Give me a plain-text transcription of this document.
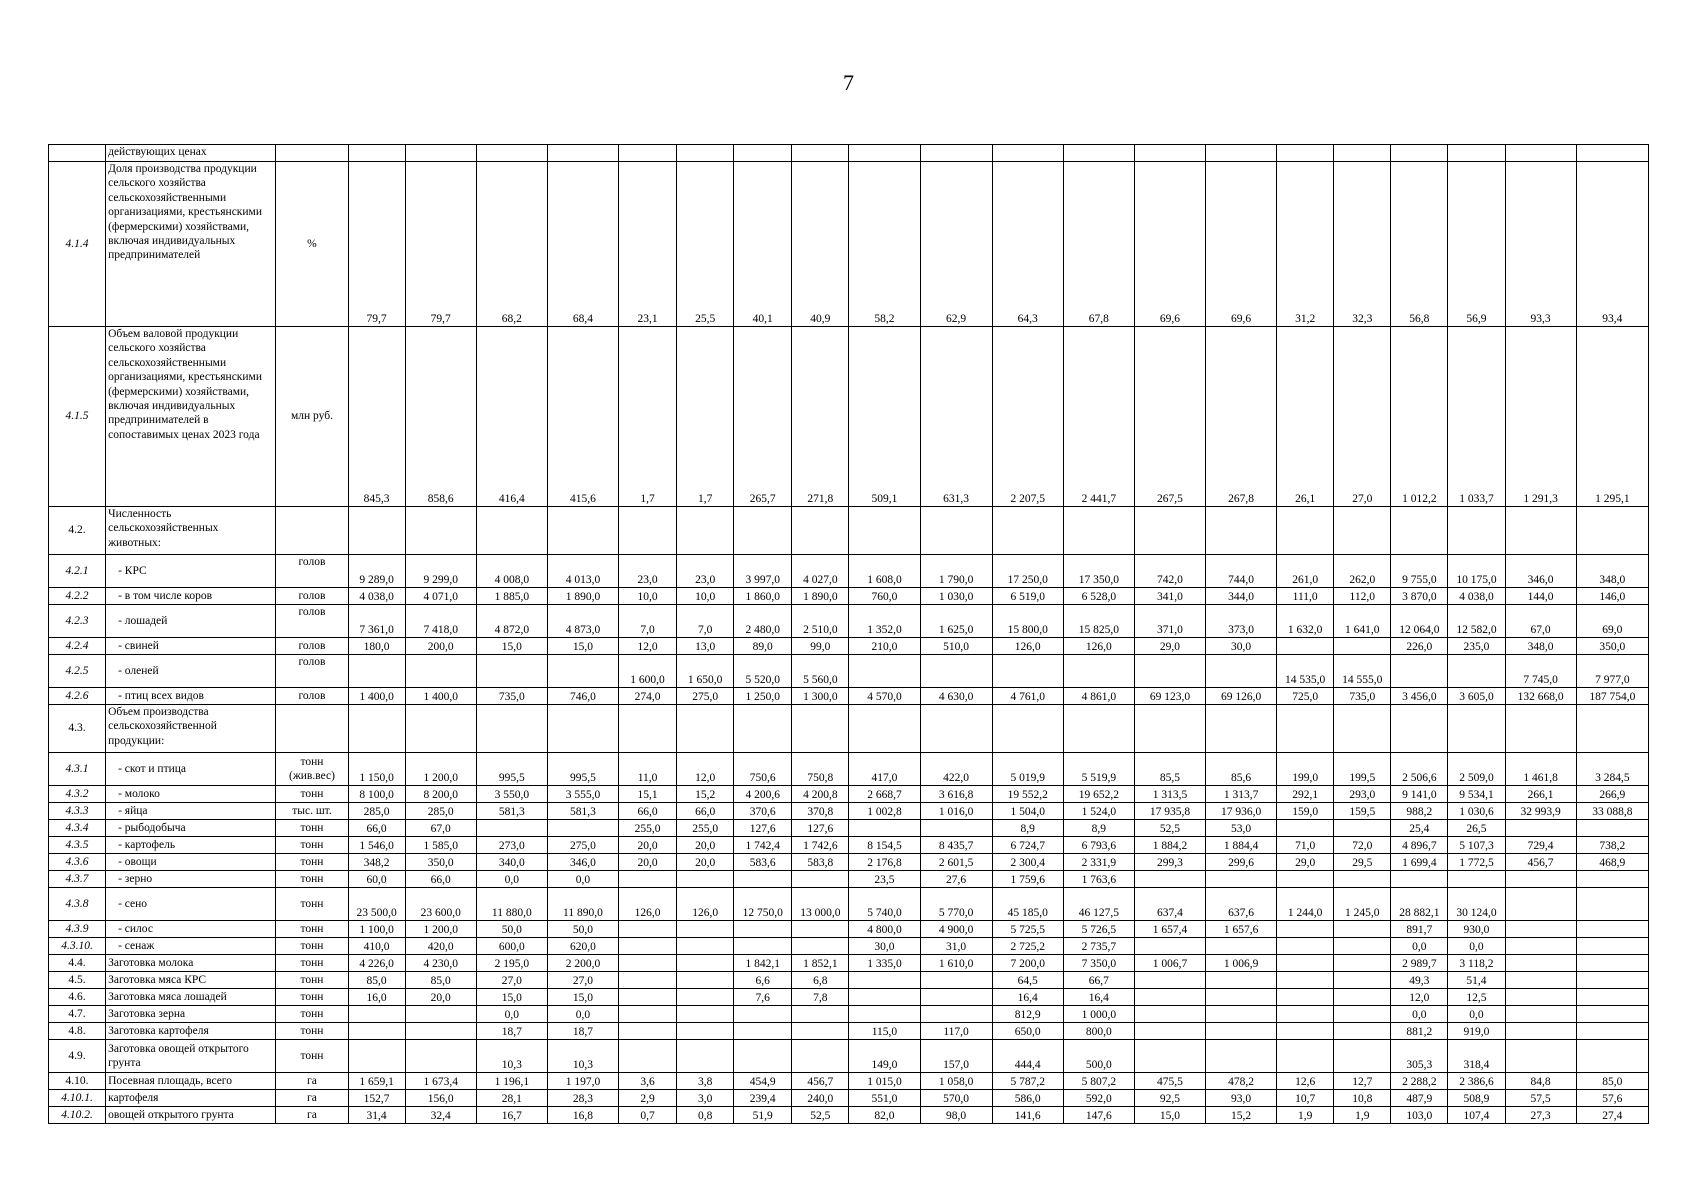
7
	действующих ценах																					
4.1.4	Доля производства продукции сельского хозяйства сельскохозяйственными организациями, крестьянскими (фермерскими) хозяйствами, включая индивидуальных предпринимателей	%	79,7	79,7	68,2	68,4	23,1	25,5	40,1	40,9	58,2	62,9	64,3	67,8	69,6	69,6	31,2	32,3	56,8	56,9	93,3	93,4
4.1.5	Объем валовой продукции сельского хозяйства сельскохозяйственными организациями, крестьянскими (фермерскими) хозяйствами, включая индивидуальных предпринимателей в сопоставимых ценах 2023 года	млн руб.	845,3	858,6	416,4	415,6	1,7	1,7	265,7	271,8	509,1	631,3	2 207,5	2 441,7	267,5	267,8	26,1	27,0	1 012,2	1 033,7	1 291,3	1 295,1
4.2.	Численность сельскохозяйственных животных:																					
4.2.1	- КРС	голов	9 289,0	9 299,0	4 008,0	4 013,0	23,0	23,0	3 997,0	4 027,0	1 608,0	1 790,0	17 250,0	17 350,0	742,0	744,0	261,0	262,0	9 755,0	10 175,0	346,0	348,0
4.2.2	- в том числе коров	голов	4 038,0	4 071,0	1 885,0	1 890,0	10,0	10,0	1 860,0	1 890,0	760,0	1 030,0	6 519,0	6 528,0	341,0	344,0	111,0	112,0	3 870,0	4 038,0	144,0	146,0
4.2.3	- лошадей	голов	7 361,0	7 418,0	4 872,0	4 873,0	7,0	7,0	2 480,0	2 510,0	1 352,0	1 625,0	15 800,0	15 825,0	371,0	373,0	1 632,0	1 641,0	12 064,0	12 582,0	67,0	69,0
4.2.4	- свиней	голов	180,0	200,0	15,0	15,0	12,0	13,0	89,0	99,0	210,0	510,0	126,0	126,0	29,0	30,0			226,0	235,0	348,0	350,0
4.2.5	- оленей	голов					1 600,0	1 650,0	5 520,0	5 560,0							14 535,0	14 555,0			7 745,0	7 977,0
4.2.6	- птиц всех видов	голов	1 400,0	1 400,0	735,0	746,0	274,0	275,0	1 250,0	1 300,0	4 570,0	4 630,0	4 761,0	4 861,0	69 123,0	69 126,0	725,0	735,0	3 456,0	3 605,0	132 668,0	187 754,0
4.3.	Объем производства сельскохозяйственной продукции:																					
4.3.1	- скот и птица	тонн (жив.вес)	1 150,0	1 200,0	995,5	995,5	11,0	12,0	750,6	750,8	417,0	422,0	5 019,9	5 519,9	85,5	85,6	199,0	199,5	2 506,6	2 509,0	1 461,8	3 284,5
4.3.2	- молоко	тонн	8 100,0	8 200,0	3 550,0	3 555,0	15,1	15,2	4 200,6	4 200,8	2 668,7	3 616,8	19 552,2	19 652,2	1 313,5	1 313,7	292,1	293,0	9 141,0	9 534,1	266,1	266,9
4.3.3	- яйца	тыс. шт.	285,0	285,0	581,3	581,3	66,0	66,0	370,6	370,8	1 002,8	1 016,0	1 504,0	1 524,0	17 935,8	17 936,0	159,0	159,5	988,2	1 030,6	32 993,9	33 088,8
4.3.4	- рыбодобыча	тонн	66,0	67,0			255,0	255,0	127,6	127,6			8,9	8,9	52,5	53,0			25,4	26,5		
4.3.5	- картофель	тонн	1 546,0	1 585,0	273,0	275,0	20,0	20,0	1 742,4	1 742,6	8 154,5	8 435,7	6 724,7	6 793,6	1 884,2	1 884,4	71,0	72,0	4 896,7	5 107,3	729,4	738,2
4.3.6	- овощи	тонн	348,2	350,0	340,0	346,0	20,0	20,0	583,6	583,8	2 176,8	2 601,5	2 300,4	2 331,9	299,3	299,6	29,0	29,5	1 699,4	1 772,5	456,7	468,9
4.3.7	- зерно	тонн	60,0	66,0	0,0	0,0					23,5	27,6	1 759,6	1 763,6								
4.3.8	- сено	тонн	23 500,0	23 600,0	11 880,0	11 890,0	126,0	126,0	12 750,0	13 000,0	5 740,0	5 770,0	45 185,0	46 127,5	637,4	637,6	1 244,0	1 245,0	28 882,1	30 124,0		
4.3.9	- силос	тонн	1 100,0	1 200,0	50,0	50,0					4 800,0	4 900,0	5 725,5	5 726,5	1 657,4	1 657,6			891,7	930,0		
4.3.10.	- сенаж	тонн	410,0	420,0	600,0	620,0					30,0	31,0	2 725,2	2 735,7					0,0	0,0		
4.4.	Заготовка молока	тонн	4 226,0	4 230,0	2 195,0	2 200,0			1 842,1	1 852,1	1 335,0	1 610,0	7 200,0	7 350,0	1 006,7	1 006,9			2 989,7	3 118,2		
4.5.	Заготовка мяса КРС	тонн	85,0	85,0	27,0	27,0			6,6	6,8			64,5	66,7					49,3	51,4		
4.6.	Заготовка мяса лошадей	тонн	16,0	20,0	15,0	15,0			7,6	7,8			16,4	16,4					12,0	12,5		
4.7.	Заготовка зерна	тонн			0,0	0,0							812,9	1 000,0					0,0	0,0		
4.8.	Заготовка картофеля	тонн			18,7	18,7					115,0	117,0	650,0	800,0					881,2	919,0		
4.9.	Заготовка овощей открытого грунта	тонн			10,3	10,3					149,0	157,0	444,4	500,0					305,3	318,4		
4.10.	Посевная площадь, всего	га	1 659,1	1 673,4	1 196,1	1 197,0	3,6	3,8	454,9	456,7	1 015,0	1 058,0	5 787,2	5 807,2	475,5	478,2	12,6	12,7	2 288,2	2 386,6	84,8	85,0
4.10.1.	картофеля	га	152,7	156,0	28,1	28,3	2,9	3,0	239,4	240,0	551,0	570,0	586,0	592,0	92,5	93,0	10,7	10,8	487,9	508,9	57,5	57,6
4.10.2.	овощей открытого грунта	га	31,4	32,4	16,7	16,8	0,7	0,8	51,9	52,5	82,0	98,0	141,6	147,6	15,0	15,2	1,9	1,9	103,0	107,4	27,3	27,4
